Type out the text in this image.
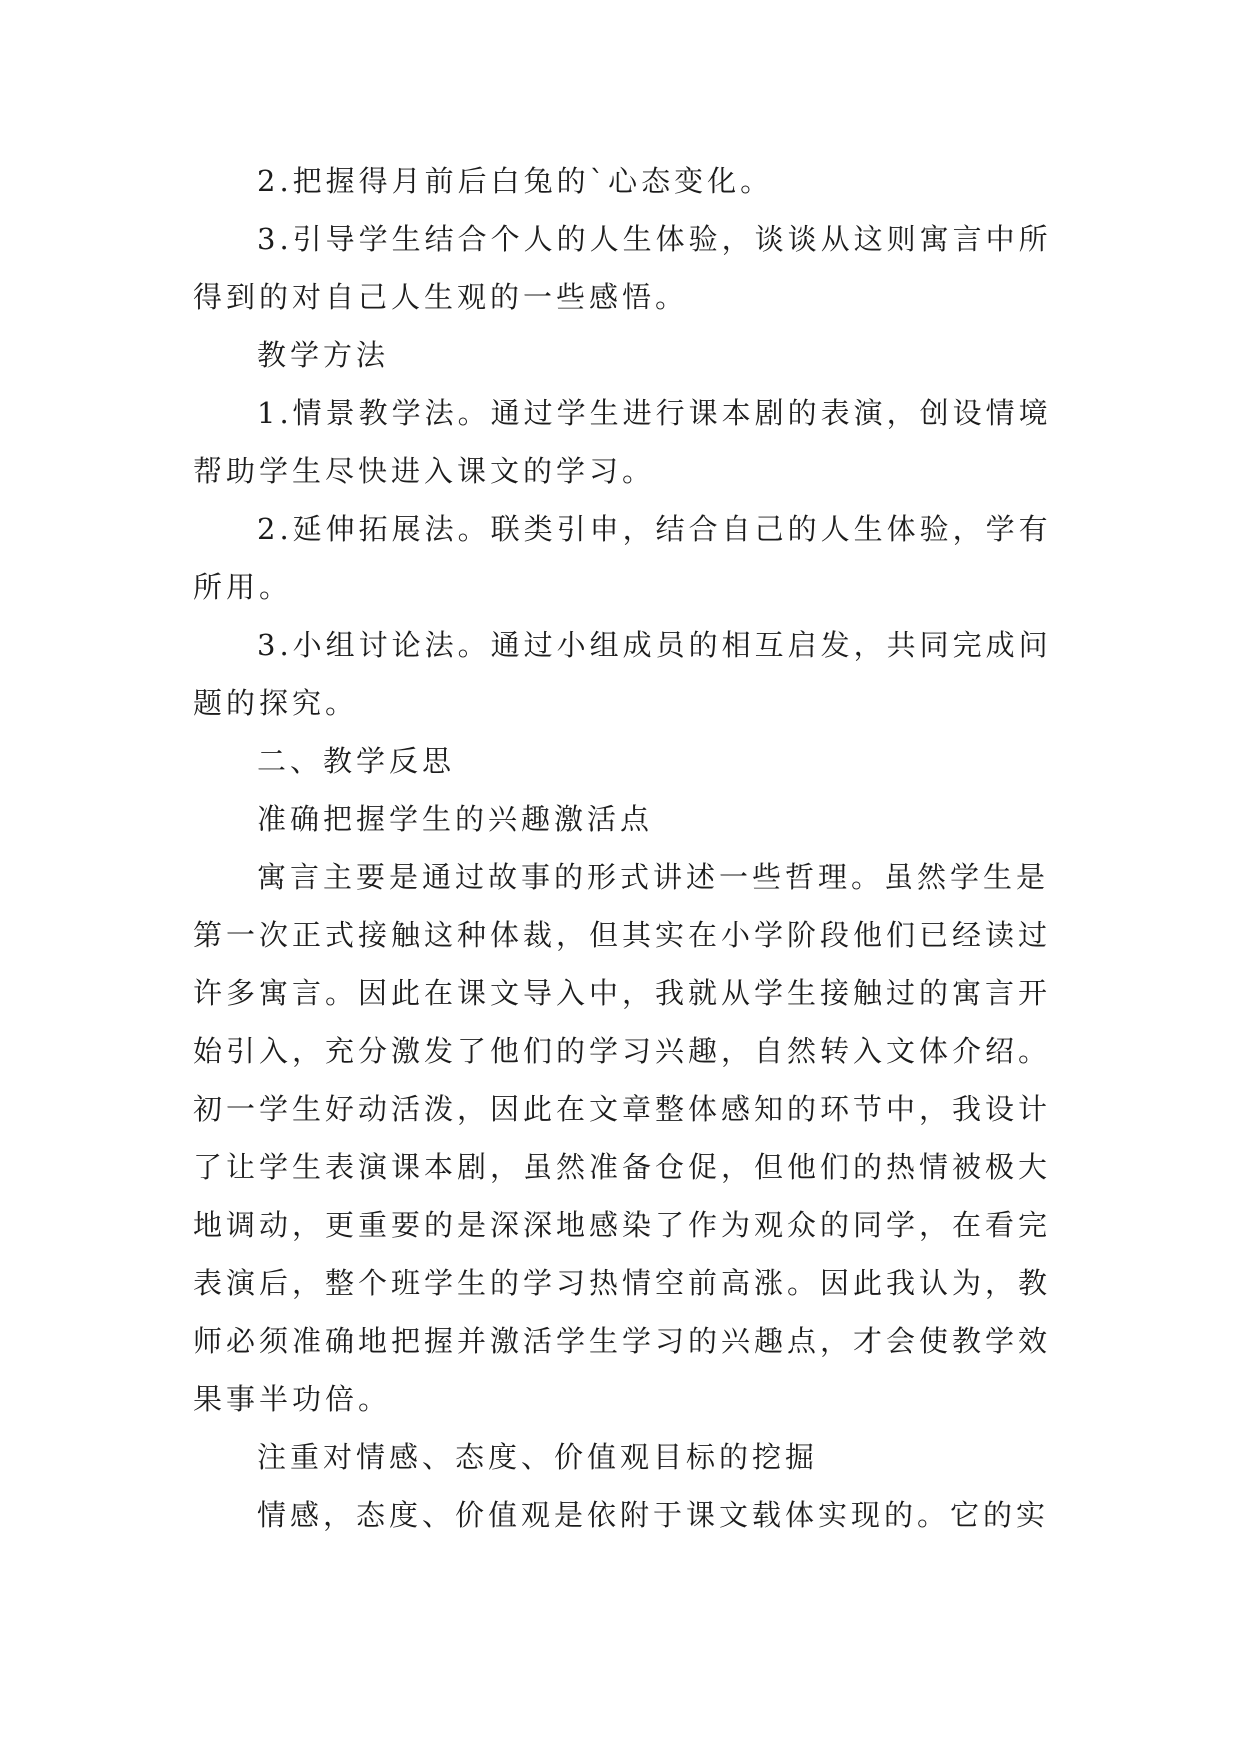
2.把握得月前后白兔的`心态变化。

3.引导学生结合个人的人生体验，谈谈从这则寓言中所得到的对自己人生观的一些感悟。

教学方法

1.情景教学法。通过学生进行课本剧的表演，创设情境帮助学生尽快进入课文的学习。

2.延伸拓展法。联类引申，结合自己的人生体验，学有所用。

3.小组讨论法。通过小组成员的相互启发，共同完成问题的探究。

二、教学反思

准确把握学生的兴趣激活点

寓言主要是通过故事的形式讲述一些哲理。虽然学生是第一次正式接触这种体裁，但其实在小学阶段他们已经读过许多寓言。因此在课文导入中，我就从学生接触过的寓言开始引入，充分激发了他们的学习兴趣，自然转入文体介绍。初一学生好动活泼，因此在文章整体感知的环节中，我设计了让学生表演课本剧，虽然准备仓促，但他们的热情被极大地调动，更重要的是深深地感染了作为观众的同学，在看完表演后，整个班学生的学习热情空前高涨。因此我认为，教师必须准确地把握并激活学生学习的兴趣点，才会使教学效果事半功倍。

注重对情感、态度、价值观目标的挖掘

情感，态度、价值观是依附于课文载体实现的。它的实
